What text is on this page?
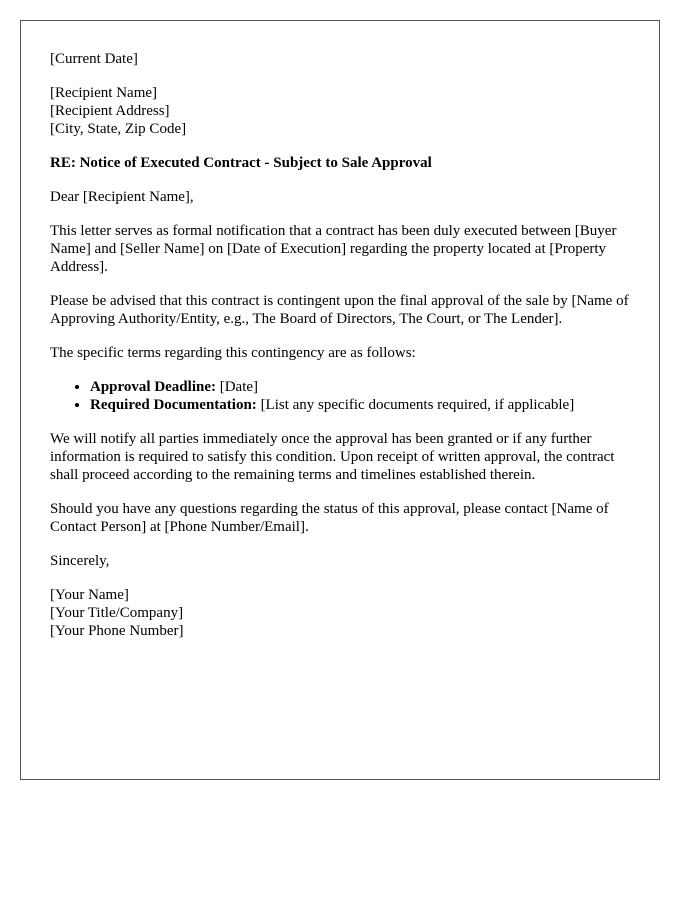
[Current Date]

[Recipient Name]
[Recipient Address]
[City, State, Zip Code]

RE: Notice of Executed Contract - Subject to Sale Approval

Dear [Recipient Name],

This letter serves as formal notification that a contract has been duly executed between [Buyer Name] and [Seller Name] on [Date of Execution] regarding the property located at [Property Address].

Please be advised that this contract is contingent upon the final approval of the sale by [Name of Approving Authority/Entity, e.g., The Board of Directors, The Court, or The Lender].

The specific terms regarding this contingency are as follows:

• Approval Deadline: [Date]
• Required Documentation: [List any specific documents required, if applicable]

We will notify all parties immediately once the approval has been granted or if any further information is required to satisfy this condition. Upon receipt of written approval, the contract shall proceed according to the remaining terms and timelines established therein.

Should you have any questions regarding the status of this approval, please contact [Name of Contact Person] at [Phone Number/Email].

Sincerely,

[Your Name]
[Your Title/Company]
[Your Phone Number]
